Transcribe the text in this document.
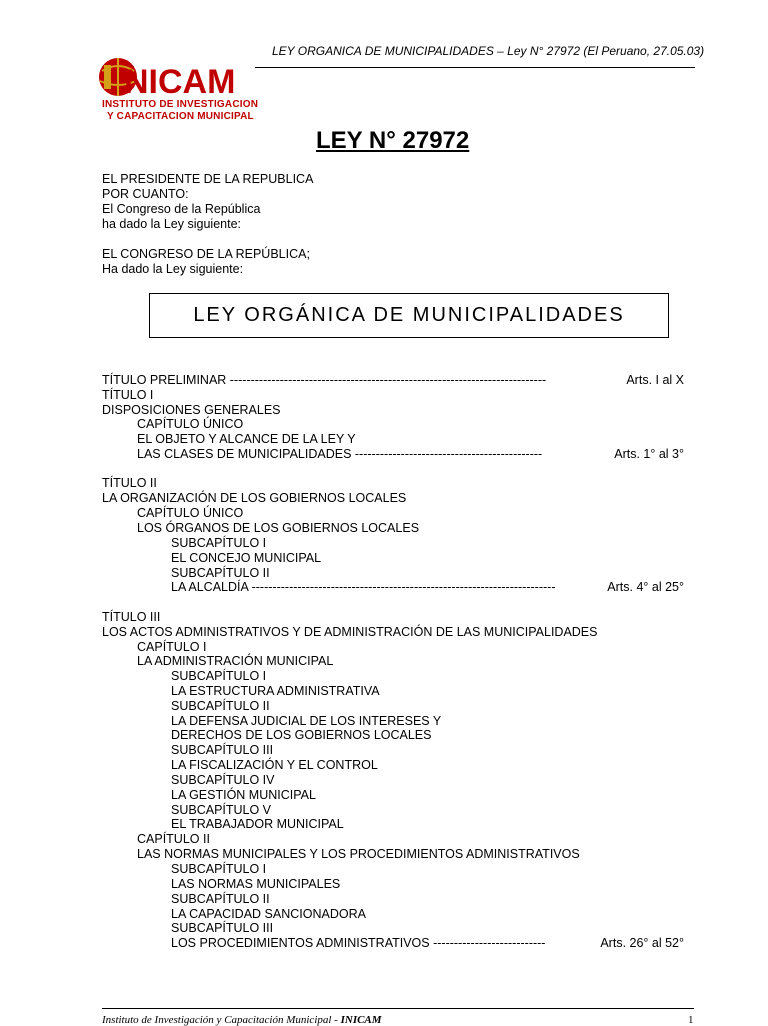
LEY ORGANICA DE MUNICIPALIDADES – Ley N° 27972 (El Peruano, 27.05.03)
NICAM
INSTITUTO DE INVESTIGACION
Y CAPACITACION MUNICIPAL
LEY N° 27972
EL PRESIDENTE DE LA REPUBLICA
POR CUANTO:
El Congreso de la República
ha dado la Ley siguiente:
EL CONGRESO DE LA REPÚBLICA;
Ha dado la Ley siguiente:
LEY ORGÁNICA DE MUNICIPALIDADES
TÍTULO PRELIMINAR ----------------------------------------------------------------------------	Arts. I al X
TÍTULO I
DISPOSICIONES GENERALES
CAPÍTULO ÚNICO
EL OBJETO Y ALCANCE DE LA LEY Y
LAS CLASES DE MUNICIPALIDADES ---------------------------------------------	Arts. 1° al 3°
TÍTULO II
LA ORGANIZACIÓN DE LOS GOBIERNOS LOCALES
CAPÍTULO ÚNICO
LOS ÓRGANOS DE LOS GOBIERNOS LOCALES
SUBCAPÍTULO I
EL CONCEJO MUNICIPAL
SUBCAPÍTULO II
LA ALCALDÍA -------------------------------------------------------------------------	Arts. 4° al 25°
TÍTULO III
LOS ACTOS ADMINISTRATIVOS Y DE ADMINISTRACIÓN DE LAS MUNICIPALIDADES
CAPÍTULO I
LA ADMINISTRACIÓN MUNICIPAL
SUBCAPÍTULO I
LA ESTRUCTURA ADMINISTRATIVA
SUBCAPÍTULO II
LA DEFENSA JUDICIAL DE LOS INTERESES Y
DERECHOS DE LOS GOBIERNOS LOCALES
SUBCAPÍTULO III
LA FISCALIZACIÓN Y EL CONTROL
SUBCAPÍTULO IV
LA GESTIÓN MUNICIPAL
SUBCAPÍTULO V
EL TRABAJADOR MUNICIPAL
CAPÍTULO II
LAS NORMAS MUNICIPALES Y LOS PROCEDIMIENTOS ADMINISTRATIVOS
SUBCAPÍTULO I
LAS NORMAS MUNICIPALES
SUBCAPÍTULO II
LA CAPACIDAD SANCIONADORA
SUBCAPÍTULO III
LOS PROCEDIMIENTOS ADMINISTRATIVOS ---------------------------	Arts. 26° al 52°
Instituto de Investigación y Capacitación Municipal - INICAM	1
